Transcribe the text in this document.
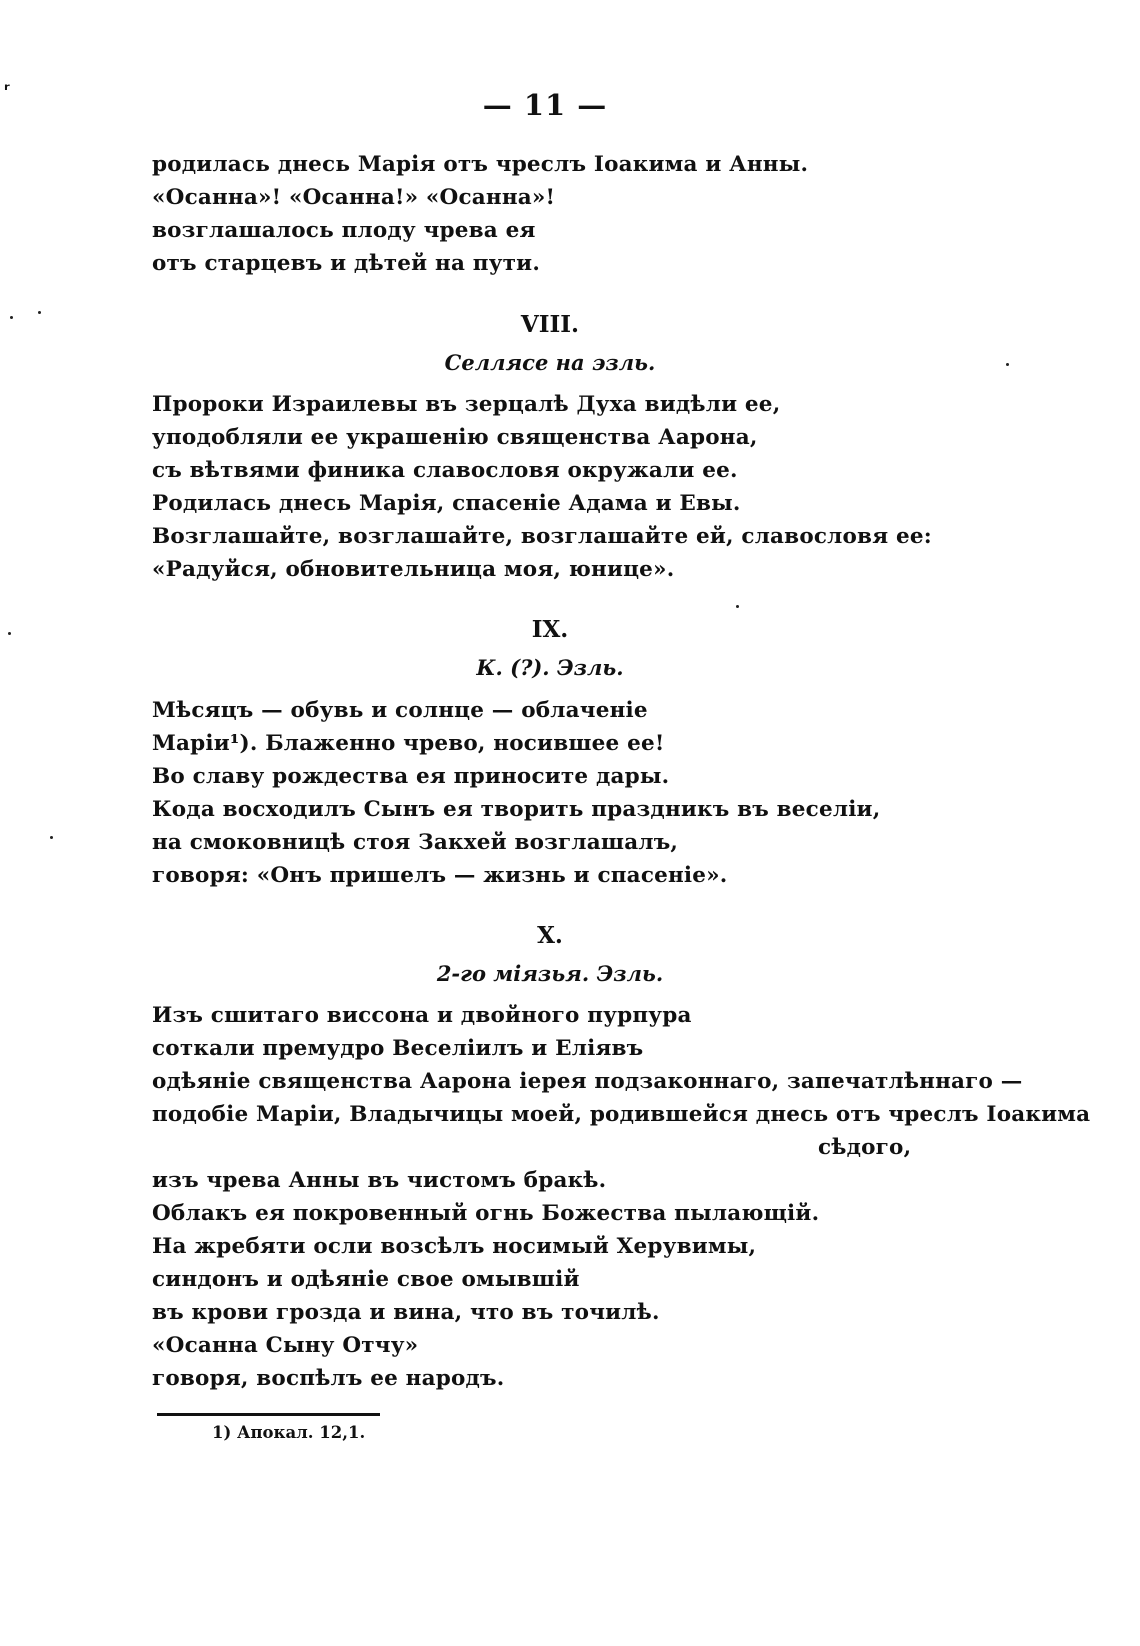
ʳ	— 11 —
родилась днесь Марія отъ чреслъ Іоакима и Анны.
«Осанна»! «Осанна!» «Осанна»!
возглашалось плоду чрева ея
отъ старцевъ и дѣтей на пути.
VIII.
Селлясе на эзль.
Пророки Израилевы въ зерцалѣ Духа видѣли ее,
уподобляли ее украшенію священства Аарона,
съ вѣтвями финика славословя окружали ее.
Родилась днесь Марія, спасеніе Адама и Евы.
Возглашайте, возглашайте, возглашайте ей, славословя ее:
«Радуйся, обновительница моя, юнице».
IX.
К. (?). Эзль.
Мѣсяцъ — обувь и солнце — облаченіе
Маріи¹). Блаженно чрево, носившее ее!
Во славу рождества ея приносите дары.
Кода восходилъ Сынъ ея творить праздникъ въ веселіи,
на смоковницѣ стоя Закхей возглашалъ,
говоря: «Онъ пришелъ — жизнь и спасеніе».
X.
2-го міязья. Эзль.
Изъ сшитаго виссона и двойного пурпура
соткали премудро Веселіилъ и Еліявъ
одѣяніе священства Аарона іерея подзаконнаго, запечатлѣннаго —
подобіе Маріи, Владычицы моей, родившейся днесь отъ чреслъ Іоакима
сѣдого,
изъ чрева Анны въ чистомъ бракѣ.
Облакъ ея покровенный огнь Божества пылающій.
На жребяти осли возсѣлъ носимый Херувимы,
синдонъ и одѣяніе свое омывшій
въ крови грозда и вина, что въ точилѣ.
«Осанна Сыну Отчу»
говоря, воспѣлъ ее народъ.
1) Апокал. 12,1.
